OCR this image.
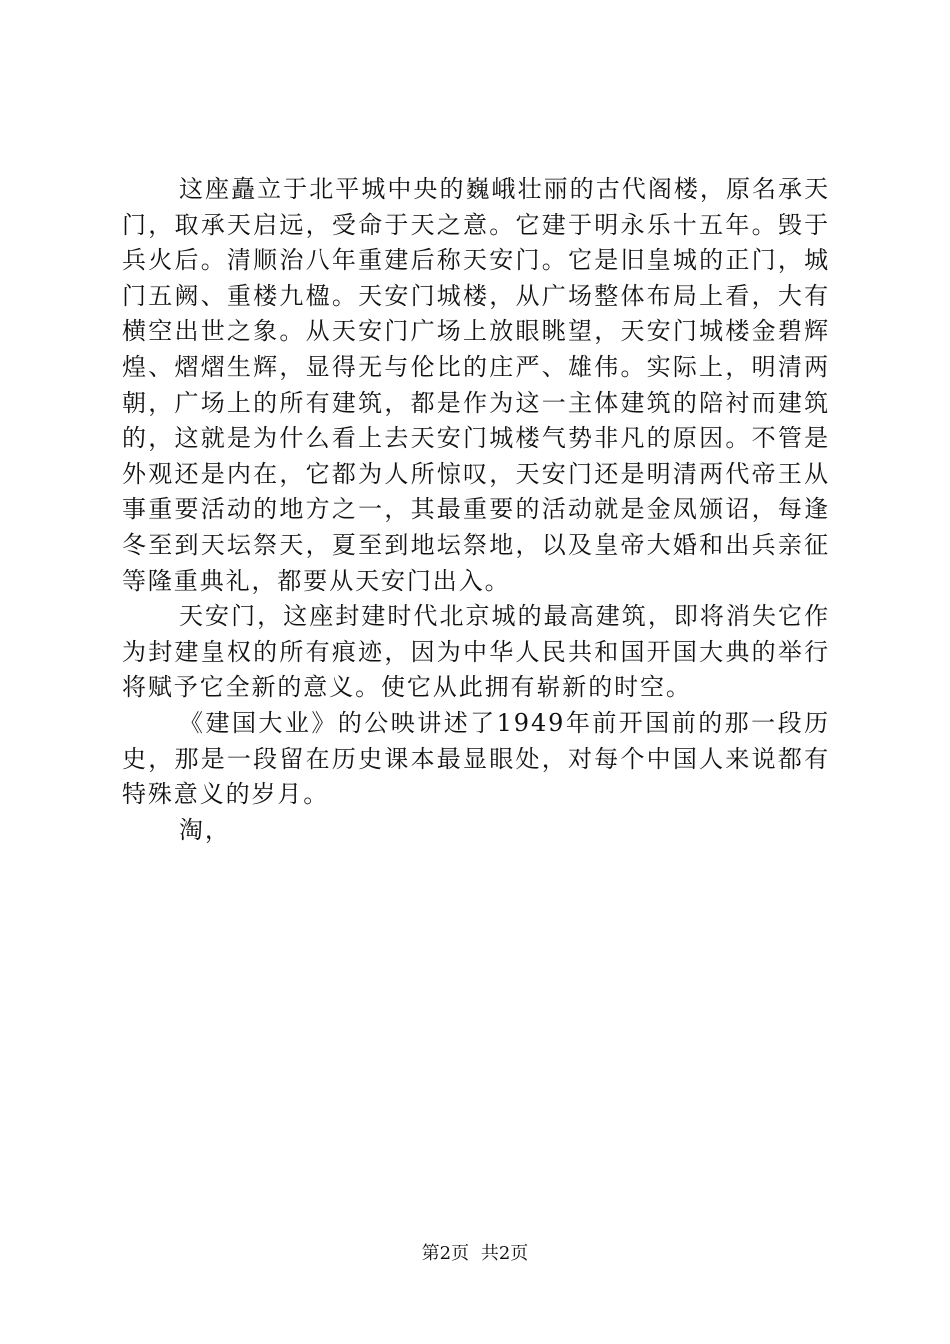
这座矗立于北平城中央的巍峨壮丽的古代阁楼，原名承天门，取承天启远，受命于天之意。它建于明永乐十五年。毁于兵火后。清顺治八年重建后称天安门。它是旧皇城的正门，城门五阙、重楼九楹。天安门城楼，从广场整体布局上看，大有横空出世之象。从天安门广场上放眼眺望，天安门城楼金碧辉煌、熠熠生辉，显得无与伦比的庄严、雄伟。实际上，明清两朝，广场上的所有建筑，都是作为这一主体建筑的陪衬而建筑的，这就是为什么看上去天安门城楼气势非凡的原因。不管是外观还是内在，它都为人所惊叹，天安门还是明清两代帝王从事重要活动的地方之一，其最重要的活动就是金凤颁诏，每逢冬至到天坛祭天，夏至到地坛祭地，以及皇帝大婚和出兵亲征等隆重典礼，都要从天安门出入。

天安门，这座封建时代北京城的最高建筑，即将消失它作为封建皇权的所有痕迹，因为中华人民共和国开国大典的举行将赋予它全新的意义。使它从此拥有崭新的时空。

《建国大业》的公映讲述了1949年前开国前的那一段历史，那是一段留在历史课本最显眼处，对每个中国人来说都有特殊意义的岁月。

淘，

第2页 共2页
